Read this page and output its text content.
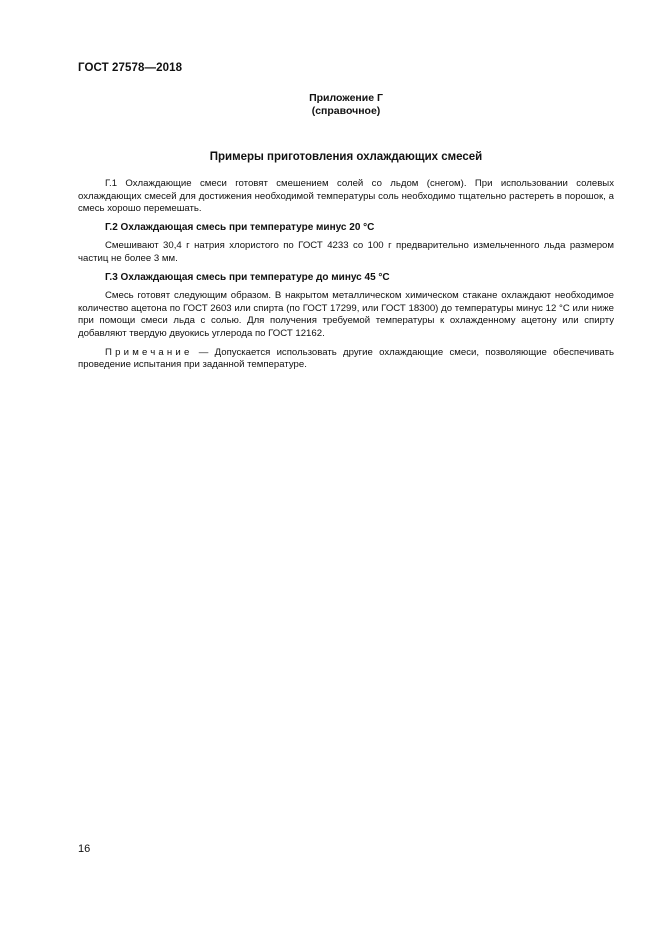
ГОСТ 27578—2018
Приложение Г
(справочное)
Примеры приготовления охлаждающих смесей

Г.1 Охлаждающие смеси готовят смешением солей со льдом (снегом). При использовании солевых охлаждающих смесей для достижения необходимой температуры соль необходимо тщательно растереть в порошок, а смесь хорошо перемешать.

Г.2 Охлаждающая смесь при температуре минус 20 °С

Смешивают 30,4 г натрия хлористого по ГОСТ 4233 со 100 г предварительно измельченного льда размером частиц не более 3 мм.

Г.3 Охлаждающая смесь при температуре до минус 45 °С

Смесь готовят следующим образом. В накрытом металлическом химическом стакане охлаждают необходимое количество ацетона по ГОСТ 2603 или спирта (по ГОСТ 17299, или ГОСТ 18300) до температуры минус 12 °С или ниже при помощи смеси льда с солью. Для получения требуемой температуры к охлажденному ацетону или спирту добавляют твердую двуокись углерода по ГОСТ 12162.

Примечание — Допускается использовать другие охлаждающие смеси, позволяющие обеспечивать проведение испытания при заданной температуре.

16
